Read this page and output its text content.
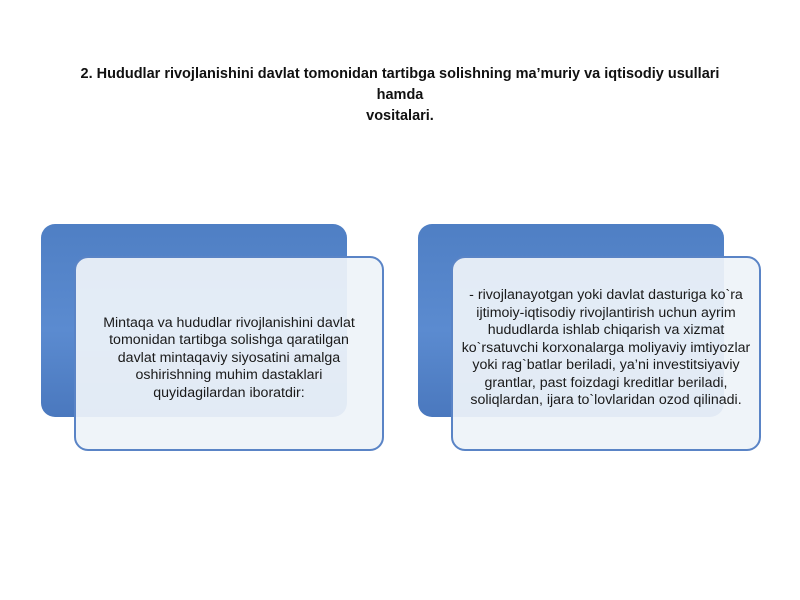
2. Hududlar rivojlanishini davlat tomonidan tartibga solishning ma’muriy va iqtisodiy usullari hamda
vositalari.
Mintaqa va hududlar rivojlanishini davlat tomonidan tartibga solishga qaratilgan davlat mintaqaviy siyosatini amalga oshirishning muhim dastaklari quyidagilardan iboratdir:
- rivojlanayotgan yoki davlat dasturiga ko`ra ijtimoiy-iqtisodiy rivojlantirish uchun ayrim hududlarda ishlab chiqarish va xizmat ko`rsatuvchi korxonalarga moliyaviy imtiyozlar yoki rag`batlar beriladi, ya’ni investitsiyaviy grantlar, past foizdagi kreditlar beriladi, soliqlardan, ijara to`lovlaridan ozod qilinadi.
